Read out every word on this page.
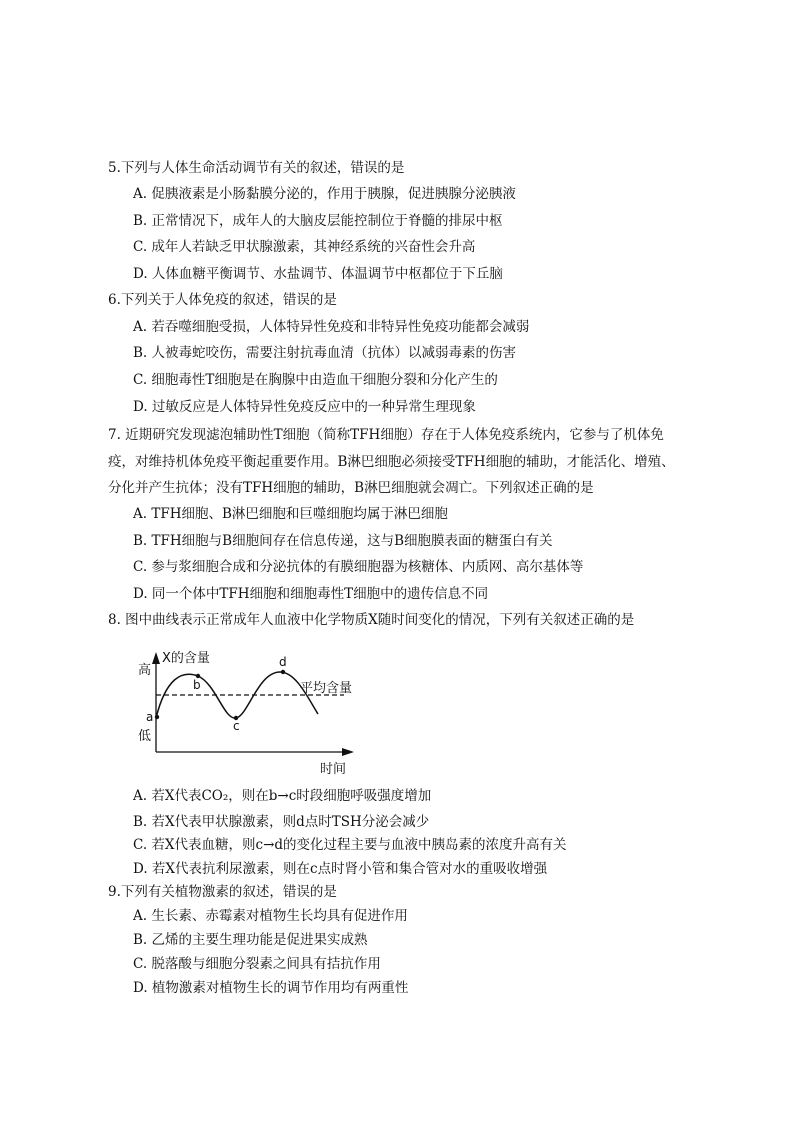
5.下列与人体生命活动调节有关的叙述，错误的是
A. 促胰液素是小肠黏膜分泌的，作用于胰腺，促进胰腺分泌胰液
B. 正常情况下，成年人的大脑皮层能控制位于脊髓的排尿中枢
C. 成年人若缺乏甲状腺激素，其神经系统的兴奋性会升高
D. 人体血糖平衡调节、水盐调节、体温调节中枢都位于下丘脑
6.下列关于人体免疫的叙述，错误的是
A. 若吞噬细胞受损，人体特异性免疫和非特异性免疫功能都会减弱
B. 人被毒蛇咬伤，需要注射抗毒血清（抗体）以减弱毒素的伤害
C. 细胞毒性T细胞是在胸腺中由造血干细胞分裂和分化产生的
D. 过敏反应是人体特异性免疫反应中的一种异常生理现象
7. 近期研究发现滤泡辅助性T细胞（简称TFH细胞）存在于人体免疫系统内，它参与了机体免
疫，对维持机体免疫平衡起重要作用。B淋巴细胞必须接受TFH细胞的辅助，才能活化、增殖、
分化并产生抗体；没有TFH细胞的辅助，B淋巴细胞就会凋亡。下列叙述正确的是
A. TFH细胞、B淋巴细胞和巨噬细胞均属于淋巴细胞
B. TFH细胞与B细胞间存在信息传递，这与B细胞膜表面的糖蛋白有关
C. 参与浆细胞合成和分泌抗体的有膜细胞器为核糖体、内质网、高尔基体等
D. 同一个体中TFH细胞和细胞毒性T细胞中的遗传信息不同
8. 图中曲线表示正常成年人血液中化学物质X随时间变化的情况，下列有关叙述正确的是
X的含量
高
低
时间
平均含量
a
b
c
d
A. 若X代表CO₂，则在b→c时段细胞呼吸强度增加
B. 若X代表甲状腺激素，则d点时TSH分泌会减少
C. 若X代表血糖，则c→d的变化过程主要与血液中胰岛素的浓度升高有关
D. 若X代表抗利尿激素，则在c点时肾小管和集合管对水的重吸收增强
9.下列有关植物激素的叙述，错误的是
A. 生长素、赤霉素对植物生长均具有促进作用
B. 乙烯的主要生理功能是促进果实成熟
C. 脱落酸与细胞分裂素之间具有拮抗作用
D. 植物激素对植物生长的调节作用均有两重性
